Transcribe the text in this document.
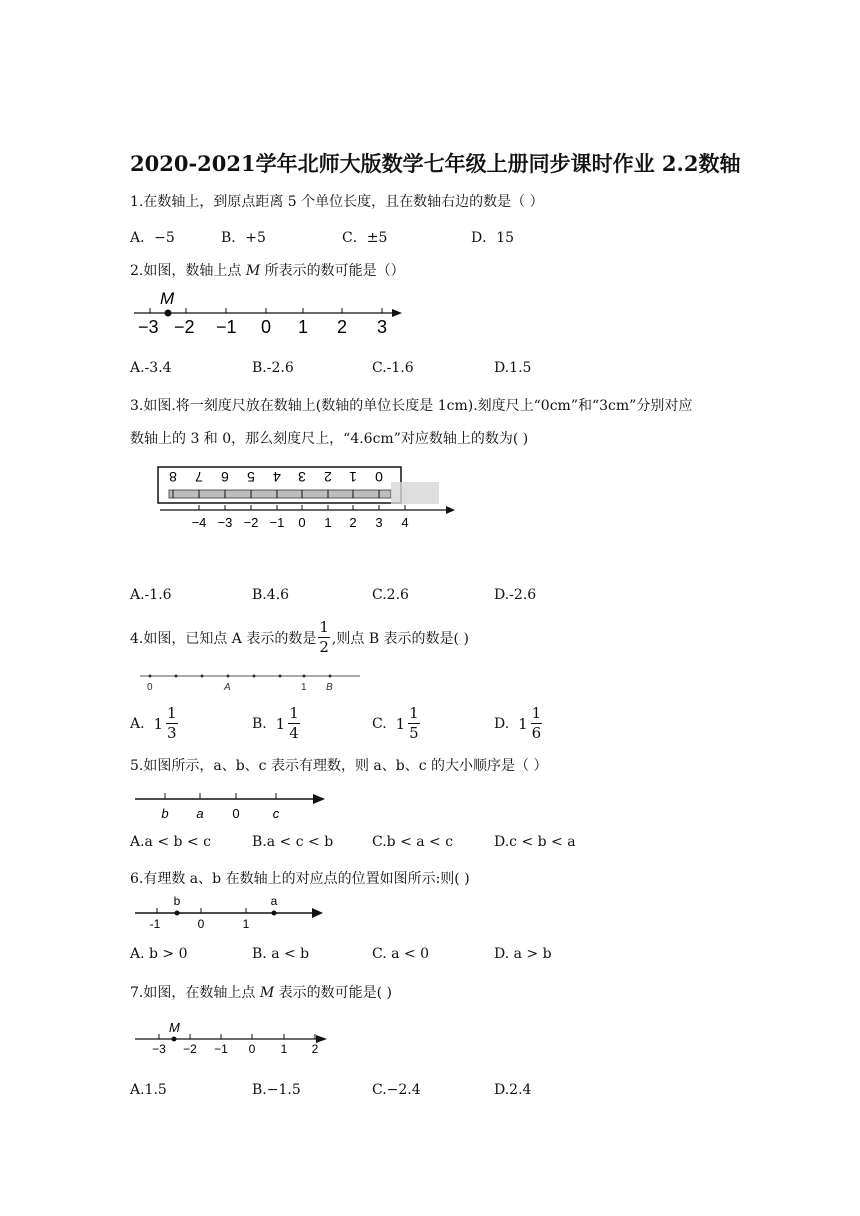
2020-2021学年北师大版数学七年级上册同步课时作业 2.2数轴
1.在数轴上，到原点距离 5 个单位长度，且在数轴右边的数是（ ）
A．−5	B．+5	C．±5	D．15
2.如图，数轴上点 M 所表示的数可能是（）
M
−3 −2 −1 0 1 2 3
A.-3.4	B.-2.6	C.-1.6	D.1.5
3.如图.将一刻度尺放在数轴上(数轴的单位长度是 1cm).刻度尺上“0cm”和“3cm”分别对应
数轴上的 3 和 0，那么刻度尺上，“4.6cm”对应数轴上的数为( )
8 7 6 5 4 3 2 1 0
−4 −3 −2 −1 0 1 2 3 4
A.-1.6	B.4.6	C.2.6	D.-2.6
4.如图，已知点 A 表示的数是 $\frac{1}{2}$ ,则点 B 表示的数是( )
0	A	1 B
A.
$1 \frac{1}{3}$	B.
$1 \frac{1}{4}$	C.
$1 \frac{1}{5}$	D.
$1 \frac{1}{6}$
5.如图所示，a、b、c 表示有理数，则 a、b、c 的大小顺序是（ ）
b a 0	c
A.a < b < c	B.a < c < b	C.b < a < c	D.c < b < a
6.有理数 a、b 在数轴上的对应点的位置如图所示:则( )
b	a
-1	0	1
A. b > 0	B. a < b	C. a < 0	D. a > b
7.如图，在数轴上点 M 表示的数可能是( )
M
−3 −2 −1 0 1 2
A.1.5	B.−1.5	C.−2.4	D.2.4
